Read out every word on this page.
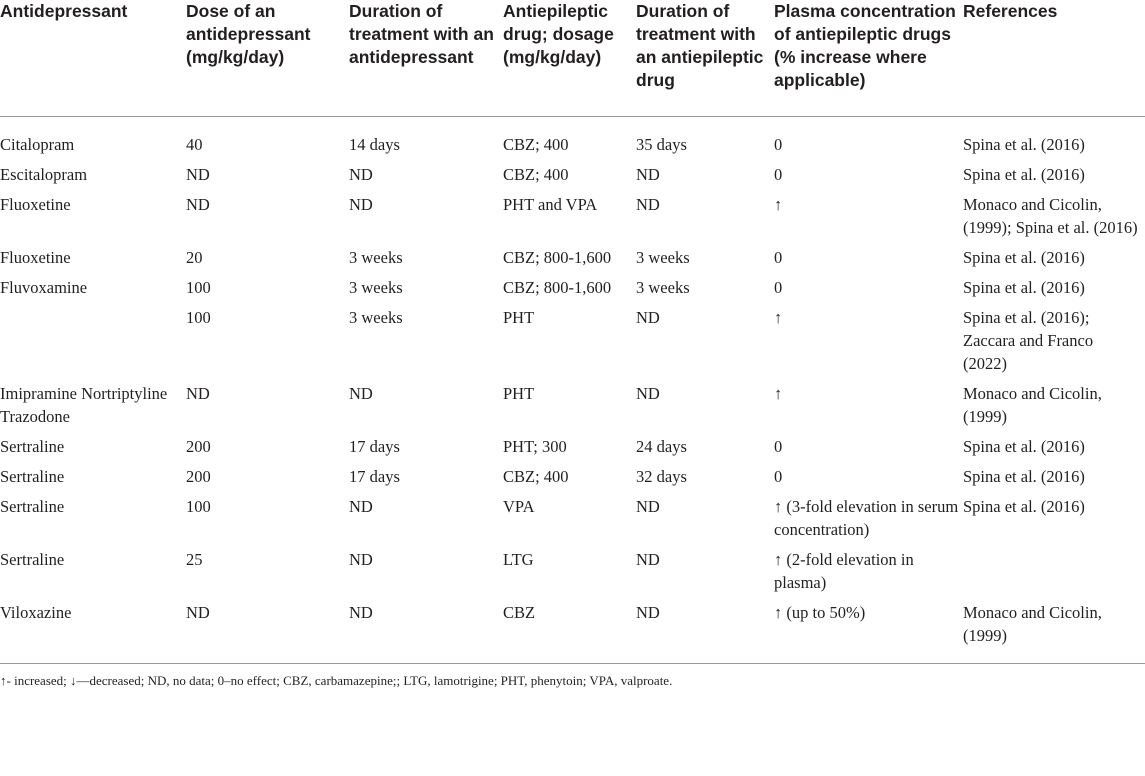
Antidepressant	Dose of an antidepressant (mg/kg/day)	Duration of treatment with an antidepressant	Antiepileptic drug; dosage (mg/kg/day)	Duration of treatment with an antiepileptic drug	Plasma concentration of antiepileptic drugs (% increase where applicable)	References
Citalopram	40	14 days	CBZ; 400	35 days	0	Spina et al. (2016)
Escitalopram	ND	ND	CBZ; 400	ND	0	Spina et al. (2016)
Fluoxetine	ND	ND	PHT and VPA	ND	↑	Monaco and Cicolin, (1999); Spina et al. (2016)
Fluoxetine	20	3 weeks	CBZ; 800-1,600	3 weeks	0	Spina et al. (2016)
Fluvoxamine	100	3 weeks	CBZ; 800-1,600	3 weeks	0	Spina et al. (2016)
	100	3 weeks	PHT	ND	↑	Spina et al. (2016); Zaccara and Franco (2022)
Imipramine Nortriptyline Trazodone	ND	ND	PHT	ND	↑	Monaco and Cicolin, (1999)
Sertraline	200	17 days	PHT; 300	24 days	0	Spina et al. (2016)
Sertraline	200	17 days	CBZ; 400	32 days	0	Spina et al. (2016)
Sertraline	100	ND	VPA	ND	↑ (3-fold elevation in serum concentration)	Spina et al. (2016)
Sertraline	25	ND	LTG	ND	↑ (2-fold elevation in plasma)	
Viloxazine	ND	ND	CBZ	ND	↑ (up to 50%)	Monaco and Cicolin, (1999)
↑- increased; ↓—decreased; ND, no data; 0–no effect; CBZ, carbamazepine;; LTG, lamotrigine; PHT, phenytoin; VPA, valproate.
